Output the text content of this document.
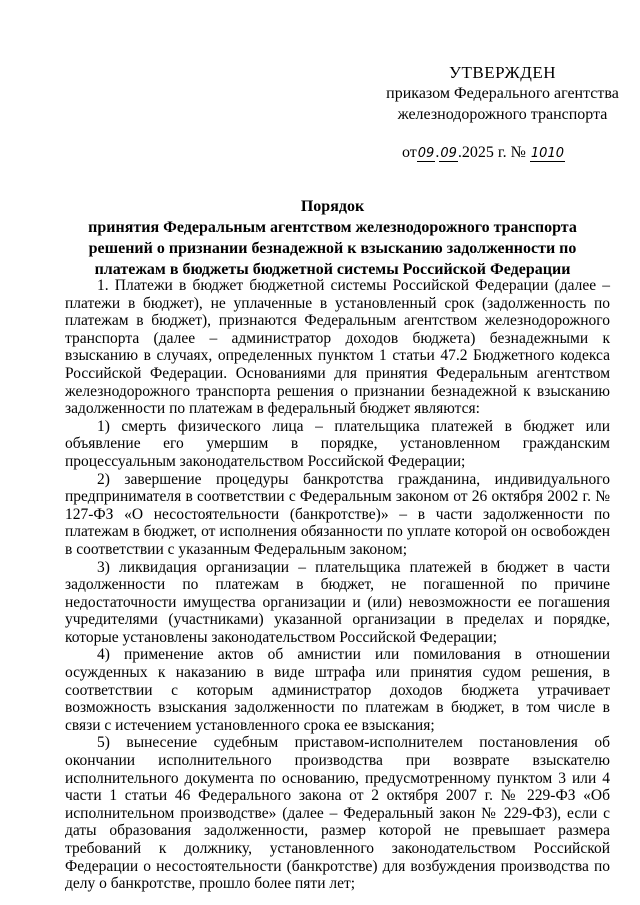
УТВЕРЖДЕН
приказом Федерального агентства
железнодорожного транспорта
от09.09.2025 г. № 1010
Порядок
принятия Федеральным агентством железнодорожного транспорта решений о признании безнадежной к взысканию задолженности по платежам в бюджеты бюджетной системы Российской Федерации

1. Платежи в бюджет бюджетной системы Российской Федерации (далее – платежи в бюджет), не уплаченные в установленный срок (задолженность по платежам в бюджет), признаются Федеральным агентством железнодорожного транспорта (далее – администратор доходов бюджета) безнадежными к взысканию в случаях, определенных пунктом 1 статьи 47.2 Бюджетного кодекса Российской Федерации. Основаниями для принятия Федеральным агентством железнодорожного транспорта решения о признании безнадежной к взысканию задолженности по платежам в федеральный бюджет являются:

1) смерть физического лица – плательщика платежей в бюджет или объявление его умершим в порядке, установленном гражданским процессуальным законодательством Российской Федерации;

2) завершение процедуры банкротства гражданина, индивидуального предпринимателя в соответствии с Федеральным законом от 26 октября 2002 г. № 127-ФЗ «О несостоятельности (банкротстве)» – в части задолженности по платежам в бюджет, от исполнения обязанности по уплате которой он освобожден в соответствии с указанным Федеральным законом;

3) ликвидация организации – плательщика платежей в бюджет в части задолженности по платежам в бюджет, не погашенной по причине недостаточности имущества организации и (или) невозможности ее погашения учредителями (участниками) указанной организации в пределах и порядке, которые установлены законодательством Российской Федерации;

4) применение актов об амнистии или помилования в отношении осужденных к наказанию в виде штрафа или принятия судом решения, в соответствии с которым администратор доходов бюджета утрачивает возможность взыскания задолженности по платежам в бюджет, в том числе в связи с истечением установленного срока ее взыскания;

5) вынесение судебным приставом-исполнителем постановления об окончании исполнительного производства при возврате взыскателю исполнительного документа по основанию, предусмотренному пунктом 3 или 4 части 1 статьи 46 Федерального закона от 2 октября 2007 г. № 229-ФЗ «Об исполнительном производстве» (далее – Федеральный закон № 229-ФЗ), если с даты образования задолженности, размер которой не превышает размера требований к должнику, установленного законодательством Российской Федерации о несостоятельности (банкротстве) для возбуждения производства по делу о банкротстве, прошло более пяти лет;
